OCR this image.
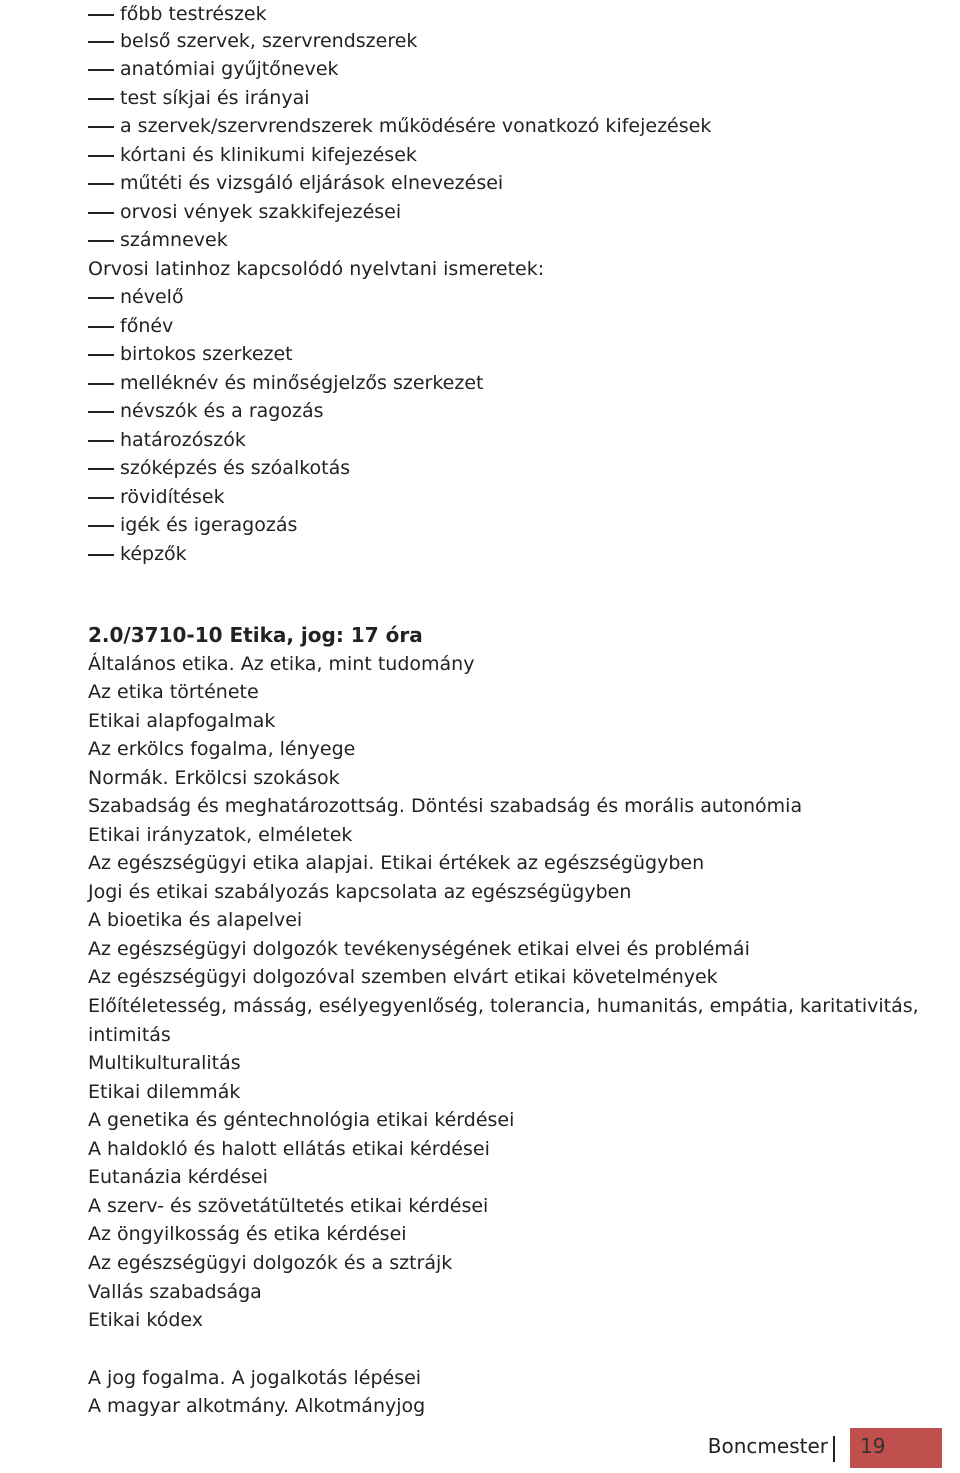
főbb testrészek
belső szervek, szervrendszerek
anatómiai gyűjtőnevek
test síkjai és irányai
a szervek/szervrendszerek működésére vonatkozó kifejezések
kórtani és klinikumi kifejezések
műtéti és vizsgáló eljárások elnevezései
orvosi vények szakkifejezései
számnevek
Orvosi latinhoz kapcsolódó nyelvtani ismeretek:
névelő
főnév
birtokos szerkezet
melléknév és minőségjelzős szerkezet
névszók és a ragozás
határozószók
szóképzés és szóalkotás
rövidítések
igék és igeragozás
képzők
2.0/3710-10 Etika, jog: 17 óra
Általános etika. Az etika, mint tudomány
Az etika története
Etikai alapfogalmak
Az erkölcs fogalma, lényege
Normák. Erkölcsi szokások
Szabadság és meghatározottság. Döntési szabadság és morális autonómia
Etikai irányzatok, elméletek
Az egészségügyi etika alapjai. Etikai értékek az egészségügyben
Jogi és etikai szabályozás kapcsolata az egészségügyben
A bioetika és alapelvei
Az egészségügyi dolgozók tevékenységének etikai elvei és problémái
Az egészségügyi dolgozóval szemben elvárt etikai követelmények
Előítéletesség, másság, esélyegyenlőség, tolerancia, humanitás, empátia, karitativitás,
intimitás
Multikulturalitás
Etikai dilemmák
A genetika és géntechnológia etikai kérdései
A haldokló és halott ellátás etikai kérdései
Eutanázia kérdései
A szerv- és szövetátültetés etikai kérdései
Az öngyilkosság és etika kérdései
Az egészségügyi dolgozók és a sztrájk
Vallás szabadsága
Etikai kódex
A jog fogalma. A jogalkotás lépései
A magyar alkotmány. Alkotmányjog
Boncmester 19
